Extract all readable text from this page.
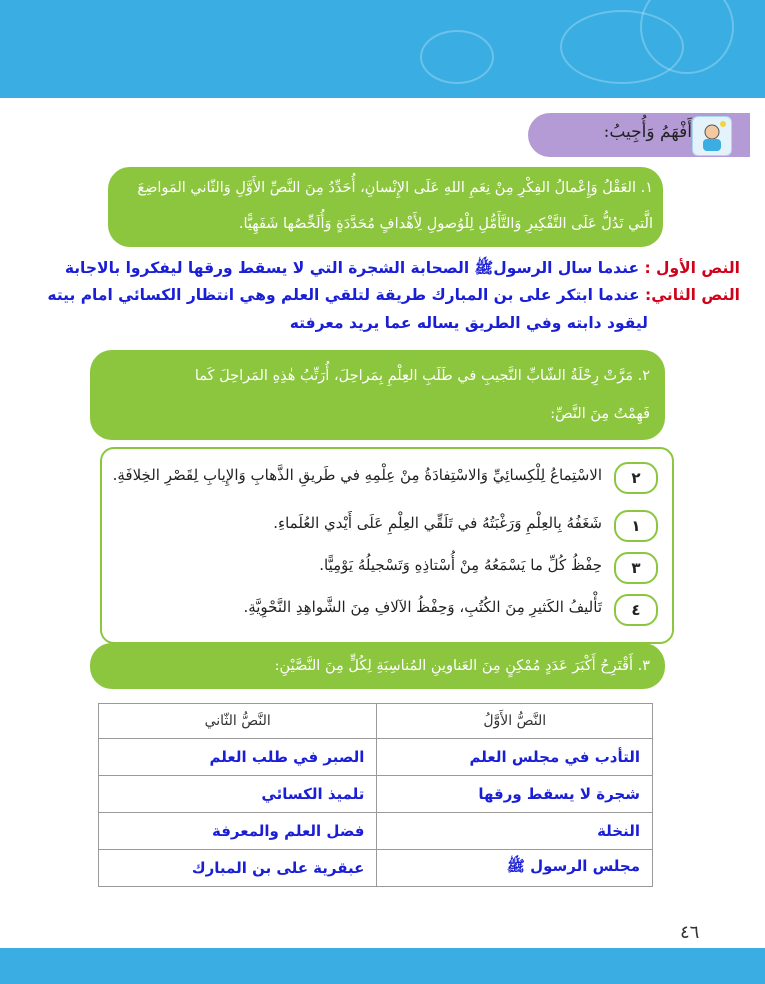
أَفْهَمُ وَأُجِيبُ:
١. العَقْلُ وَإِعْمالُ الفِكْرِ مِنْ نِعَمِ اللهِ عَلَى الإِنْسانِ، أُحَدِّدُ مِنَ النَّصِّ الأَوَّلِ وَالثّاني المَواضِعَ
الَّتي تَدُلُّ عَلَى التَّفْكِيرِ وَالتَّأَمُّلِ لِلْوُصولِ لِأَهْدافٍ مُحَدَّدَةٍ وَأُلَخِّصُها شَفَهِيًّا.
النص الأول : عندما سال الرسولﷺ الصحابة الشجرة التي لا يسقط ورقها ليفكروا بالاجابة
النص الثاني: عندما ابتكر على بن المبارك طريقة لتلقي العلم وهي انتظار الكسائي امام بيته
ليقود دابته وفي الطريق يساله عما يريد معرفته
٢. مَرَّتْ رِحْلَةُ الشّابِّ النَّجيبِ في طَلَبِ العِلْمِ بِمَراحِلَ، أُرَتِّبُ هٰذِهِ المَراحِلَ كَما
فَهِمْتُ مِنَ النَّصِّ:
٢
الاسْتِماعُ لِلْكِسائِيِّ وَالاسْتِفادَةُ مِنْ عِلْمِهِ في طَريقِ الذَّهابِ وَالإِيابِ لِقَصْرِ الخِلافَةِ.
١
شَغَفُهُ بِالعِلْمِ وَرَغْبَتُهُ في تَلَقِّي العِلْمِ عَلَى أَيْدي العُلَماءِ.
٣
حِفْظُ كُلِّ ما يَسْمَعُهُ مِنْ أُسْتاذِهِ وَتَسْجيلُهُ يَوْمِيًّا.
٤
تَأْليفُ الكَثيرِ مِنَ الكُتُبِ، وَحِفْظُ الآلافِ مِنَ الشَّواهِدِ النَّحْوِيَّةِ.
٣. أَقْتَرِحُ أَكْبَرَ عَدَدٍ مُمْكِنٍ مِنَ العَناوينِ المُناسِبَةِ لِكُلٍّ مِنَ النَّصَّيْنِ:
النَّصُّ الثّاني	النَّصُّ الأَوَّلُ
الصبر في طلب العلم	التأدب في مجلس العلم
تلميذ الكسائي	شجرة لا يسقط ورقها
فضل العلم والمعرفة	النخلة
عبقرية على بن المبارك	مجلس الرسول ﷺ
٤٦
